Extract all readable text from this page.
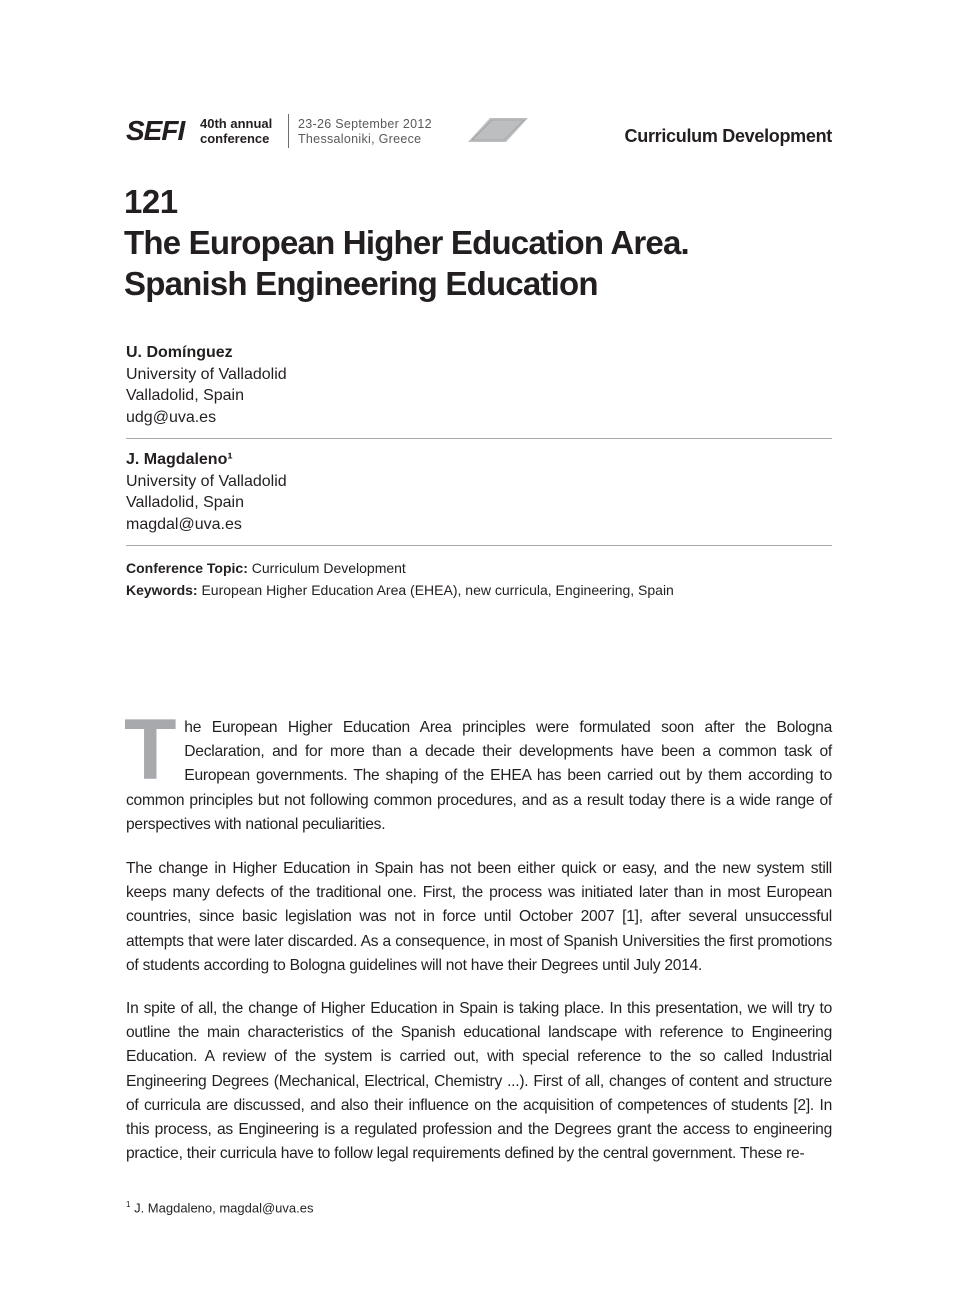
SEFI 40th annual
conference
23-26 September 2012
Thessaloniki, Greece	Curriculum Development
121
The European Higher Education Area.
Spanish Engineering Education
U. Domínguez
University of Valladolid
Valladolid, Spain
udg@uva.es
J. Magdaleno¹
University of Valladolid
Valladolid, Spain
magdal@uva.es
Conference Topic: Curriculum Development
Keywords: European Higher Education Area (EHEA), new curricula, Engineering, Spain
The European Higher Education Area principles were formulated soon after the Bologna Declaration, and for more than a decade their developments have been a common task of European governments. The shaping of the EHEA has been carried out by them according to common principles but not following common procedures, and as a result today there is a wide range of perspectives with national peculiarities.
The change in Higher Education in Spain has not been either quick or easy, and the new system still keeps many defects of the traditional one. First, the process was initiated later than in most European countries, since basic legislation was not in force until October 2007 [1], after several unsuccessful attempts that were later discarded. As a consequence, in most of Spanish Universities the first promotions of students according to Bologna guidelines will not have their Degrees until July 2014.
In spite of all, the change of Higher Education in Spain is taking place. In this presentation, we will try to outline the main characteristics of the Spanish educational landscape with reference to Engineering Education. A review of the system is carried out, with special reference to the so called Industrial Engineering Degrees (Mechanical, Electrical, Chemistry ...). First of all, changes of content and structure of curricula are discussed, and also their influence on the acquisition of competences of students [2]. In this process, as Engineering is a regulated profession and the Degrees grant the access to engineering practice, their curricula have to follow legal requirements defined by the central government. These re-
$^1$ J. Magdaleno, magdal@uva.es
